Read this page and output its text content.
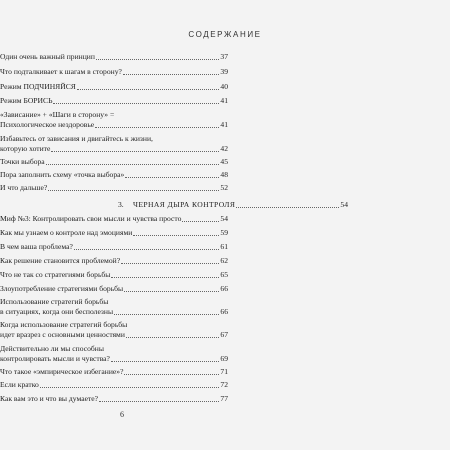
СОДЕРЖАНИЕ
Один очень важный принцип	37
Что подталкивает к шагам в сторону?	39
Режим ПОДЧИНЯЙСЯ	40
Режим БОРИСЬ	41
«Зависание» + «Шаги в сторону» =
Психологическое нездоровье	41
Избавьтесь от зависания и двигайтесь к жизни,
которую хотите	42
Точки выбора	45
Пора заполнить схему «точка выбора»	48
И что дальше?	52
3.	ЧЕРНАЯ ДЫРА КОНТРОЛЯ	54
Миф №3: Контролировать свои мысли и чувства просто	54
Как мы узнаем о контроле над эмоциями	59
В чем ваша проблема?	61
Как решение становится проблемой?	62
Что не так со стратегиями борьбы	65
Злоупотребление стратегиями борьбы	66
Использование стратегий борьбы
в ситуациях, когда они бесполезны	66
Когда использование стратегий борьбы
идет вразрез с основными ценностями	67
Действительно ли мы способны
контролировать мысли и чувства?	69
Что такое «эмпирическое избегание»?	71
Если кратко	72
Как вам это и что вы думаете?	77
6
